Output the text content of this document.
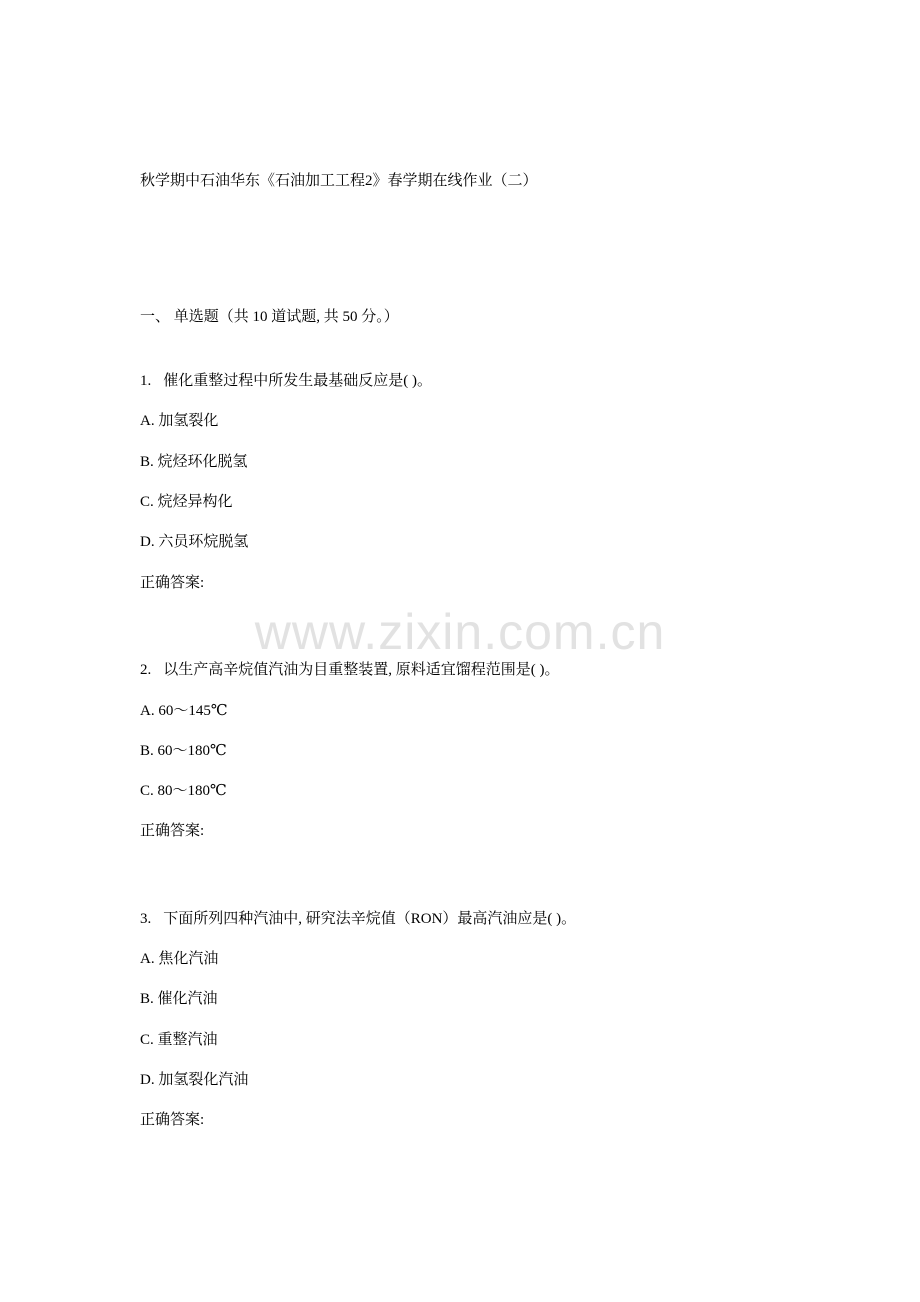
www.zixin.com.cn
秋学期中石油华东《石油加工工程2》春学期在线作业（二）
一、 单选题（共 10 道试题, 共 50 分。）
1. 催化重整过程中所发生最基础反应是( )。
A. 加氢裂化
B. 烷烃环化脱氢
C. 烷烃异构化
D. 六员环烷脱氢
正确答案:
2. 以生产高辛烷值汽油为目重整装置, 原料适宜馏程范围是( )。
A. 60～145℃
B. 60～180℃
C. 80～180℃
正确答案:
3. 下面所列四种汽油中, 研究法辛烷值（RON）最高汽油应是( )。
A. 焦化汽油
B. 催化汽油
C. 重整汽油
D. 加氢裂化汽油
正确答案:
